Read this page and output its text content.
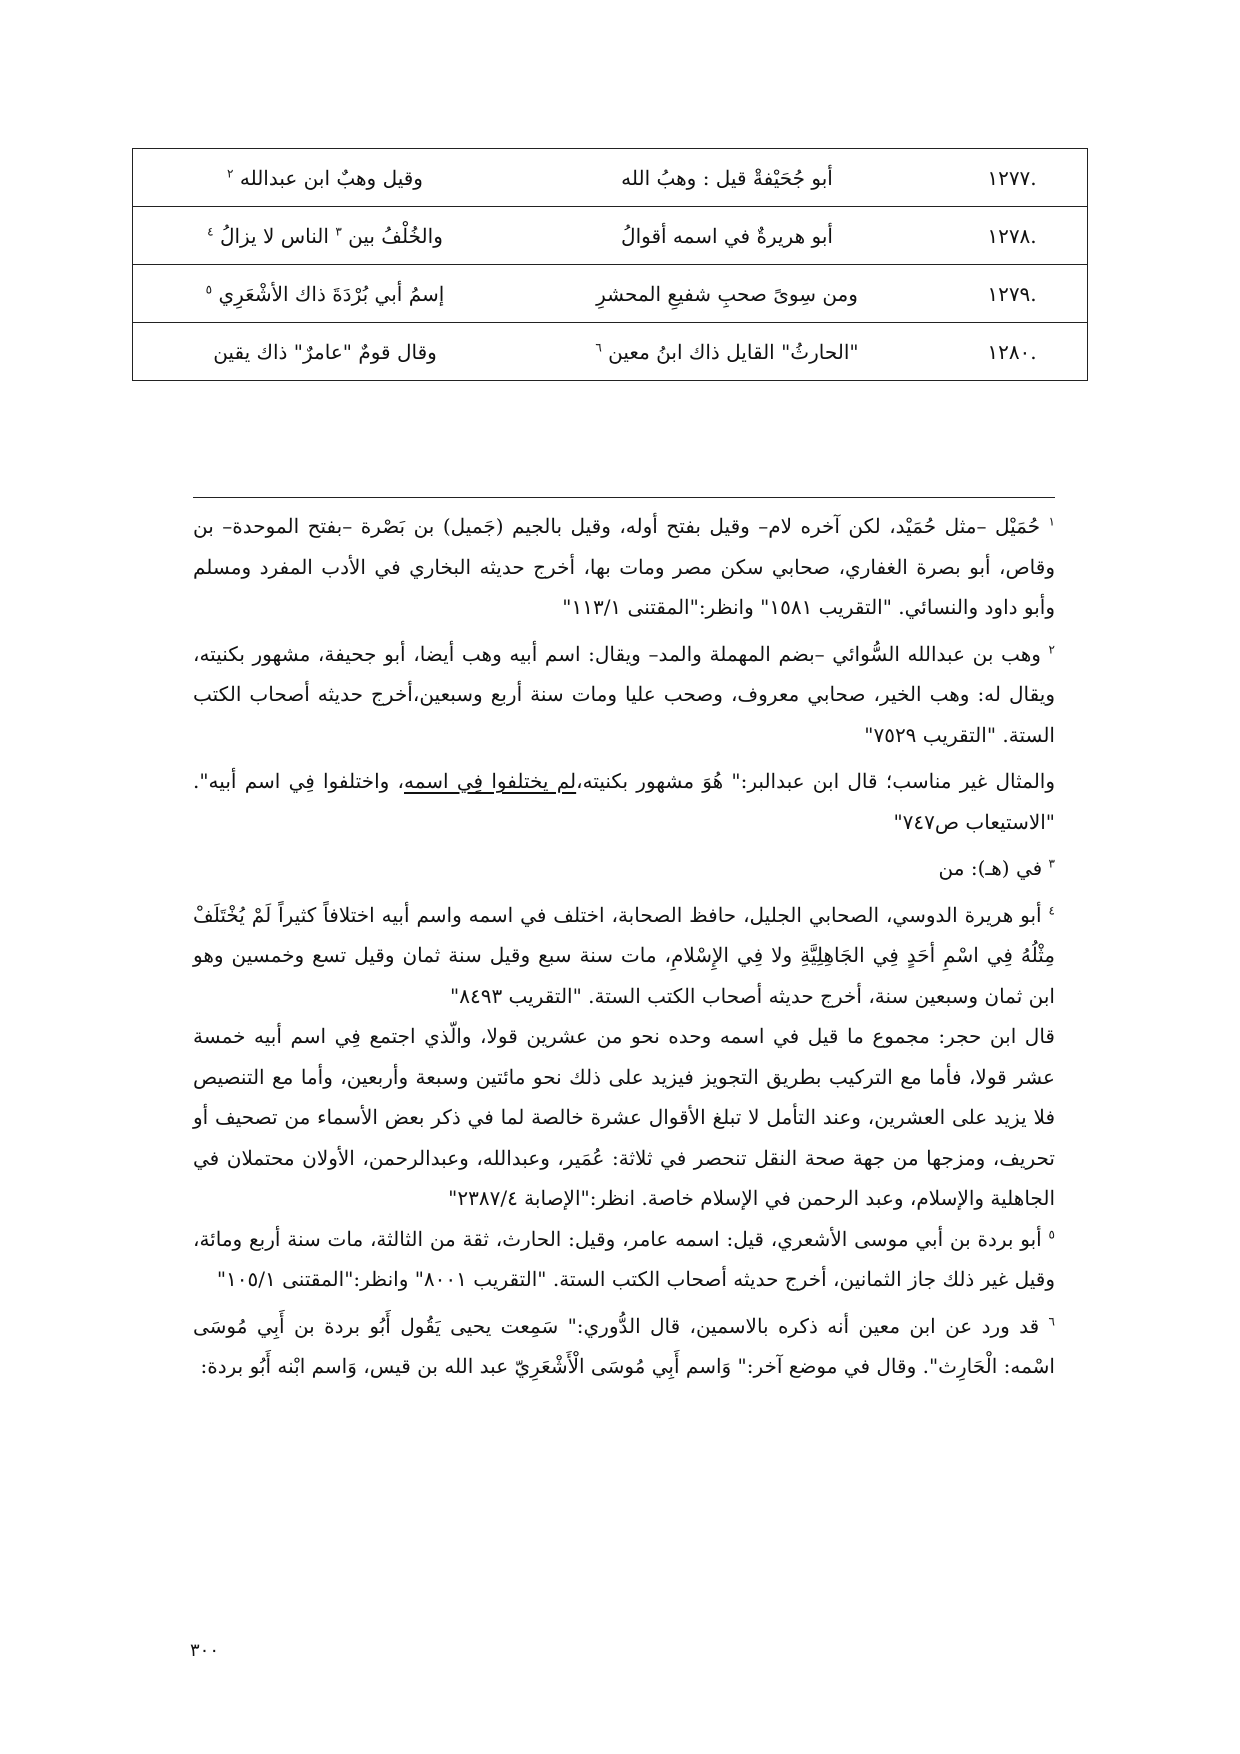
.١٢٧٧	أبو جُحَيْفةْ قيل : وهبُ الله	وقيل وهبٌ ابن عبدالله $^٢$
.١٢٧٨	أبو هريرةٌ في اسمه أقوالُ	والخُلْفُ بين $^٣$ الناس لا يزالُ $^٤$
.١٢٧٩	ومن سِوىً صحبِ شفيعِ المحشرِ	إسمُ أبي بُرْدَةَ ذاك الأشْعَرِي $^٥$
.١٢٨٠	"الحارثُ" القايل ذاك ابنُ معين $^٦$	وقال قومٌ "عامرٌ" ذاك يقين

$^١$ حُمَيْل –مثل حُمَيْد، لكن آخره لام– وقيل بفتح أوله، وقيل بالجيم (جَميل) بن بَصْرة –بفتح الموحدة– بن وقاص، أبو بصرة الغفاري، صحابي سكن مصر ومات بها، أخرج حديثه البخاري في الأدب المفرد ومسلم وأبو داود والنسائي. "التقريب ١٥٨١" وانظر:"المقتنى ١١٣/١"

$^٢$ وهب بن عبدالله السُّوائي –بضم المهملة والمد– ويقال: اسم أبيه وهب أيضا، أبو جحيفة، مشهور بكنيته، ويقال له: وهب الخير، صحابي معروف، وصحب عليا ومات سنة أربع وسبعين،أخرج حديثه أصحاب الكتب الستة. "التقريب ٧٥٢٩"

والمثال غير مناسب؛ قال ابن عبدالبر:" هُوَ مشهور بكنيته،لم يختلفوا فِي اسمه، واختلفوا فِي اسم أبيه". "الاستيعاب ص٧٤٧"

$^٣$ في (هـ): من

$^٤$ أبو هريرة الدوسي، الصحابي الجليل، حافظ الصحابة، اختلف في اسمه واسم أبيه اختلافاً كثيراً لَمْ يُخْتَلَفْ مِثْلُهُ فِي اسْمِ أحَدٍ فِي الجَاهِلِيَّةِ ولا فِي الإِسْلامِ، مات سنة سبع وقيل سنة ثمان وقيل تسع وخمسين وهو ابن ثمان وسبعين سنة، أخرج حديثه أصحاب الكتب الستة. "التقريب ٨٤٩٣"

قال ابن حجر: مجموع ما قيل في اسمه وحده نحو من عشرين قولا، والّذي اجتمع فِي اسم أبيه خمسة عشر قولا، فأما مع التركيب بطريق التجويز فيزيد على ذلك نحو مائتين وسبعة وأربعين، وأما مع التنصيص فلا يزيد على العشرين، وعند التأمل لا تبلغ الأقوال عشرة خالصة لما في ذكر بعض الأسماء من تصحيف أو تحريف، ومزجها من جهة صحة النقل تنحصر في ثلاثة: عُمَير، وعبدالله، وعبدالرحمن، الأولان محتملان في الجاهلية والإسلام، وعبد الرحمن في الإسلام خاصة. انظر:"الإصابة ٢٣٨٧/٤"

$^٥$ أبو بردة بن أبي موسى الأشعري، قيل: اسمه عامر، وقيل: الحارث، ثقة من الثالثة، مات سنة أربع ومائة، وقيل غير ذلك جاز الثمانين، أخرج حديثه أصحاب الكتب الستة. "التقريب ٨٠٠١" وانظر:"المقتنى ١٠٥/١"

$^٦$ قد ورد عن ابن معين أنه ذكره بالاسمين، قال الدُّوري:" سَمِعت يحيى يَقُول أَبُو بردة بن أَبِي مُوسَى اسْمه: الْحَارِث". وقال في موضع آخر:" وَاسم أَبِي مُوسَى الْأَشْعَرِيّ عبد الله بن قيس، وَاسم ابْنه أَبُو بردة:

٣٠٠
